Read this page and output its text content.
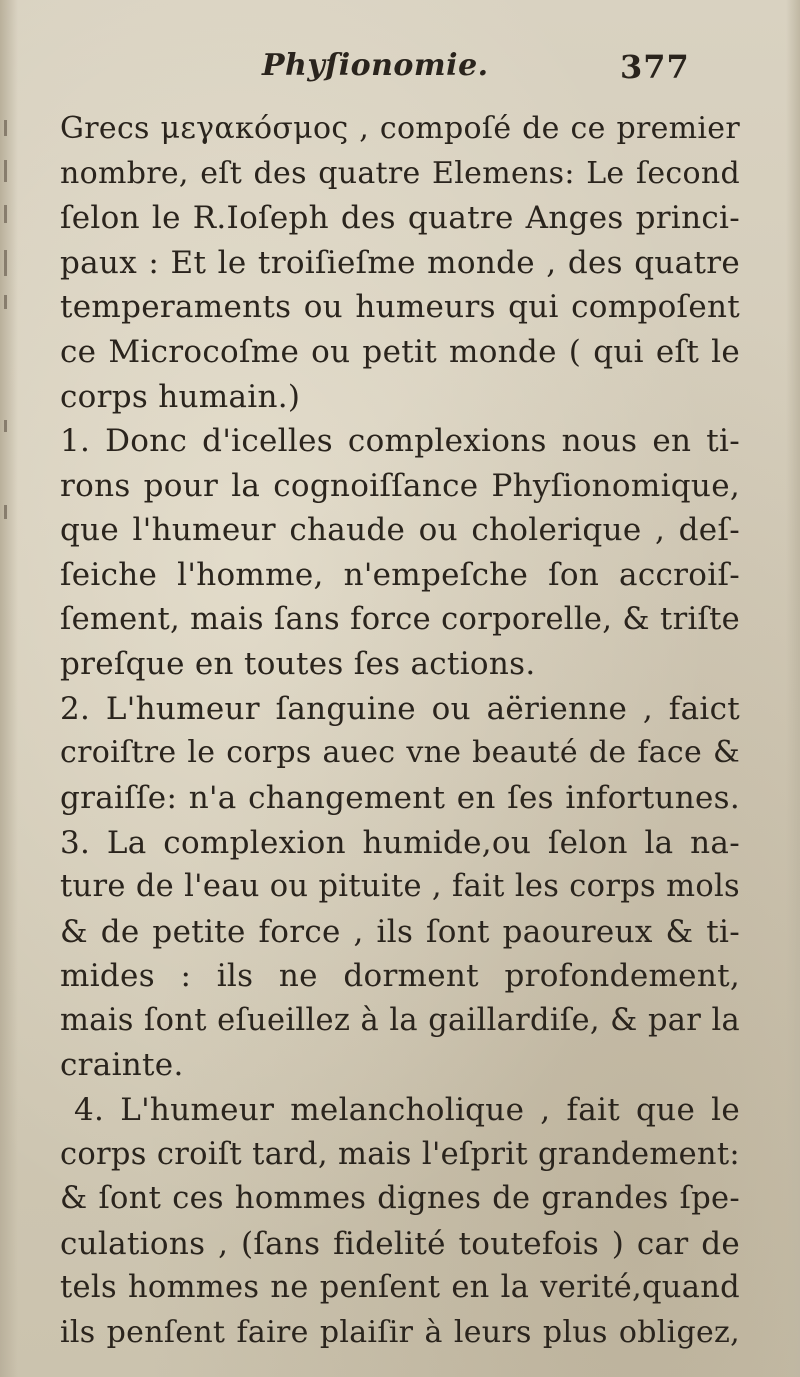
Phyſionomie.	377
Grecs μεγακόσμος , compoſé de ce premier
nombre, eſt des quatre Elemens: Le ſecond
ſelon le R.Ioſeph des quatre Anges princi-
paux : Et le troiſieſme monde , des quatre
temperaments ou humeurs qui compoſent
ce Microcoſme ou petit monde ( qui eſt le
corps humain.)
1. Donc d'icelles complexions nous en ti-
rons pour la cognoiſſance Phyſionomique,
que l'humeur chaude ou cholerique , deſ-
ſeiche l'homme, n'empeſche ſon accroiſ-
ſement, mais ſans force corporelle, & triſte
preſque en toutes ſes actions.
2. L'humeur ſanguine ou aërienne , faict
croiſtre le corps auec vne beauté de face &
graiſſe: n'a changement en ſes infortunes.
3. La complexion humide,ou ſelon la na-
ture de l'eau ou pituite , fait les corps mols
& de petite force , ils ſont paoureux & ti-
mides : ils ne dorment profondement,
mais ſont eſueillez à la gaillardiſe, & par la
crainte.
4. L'humeur melancholique , fait que le
corps croiſt tard, mais l'eſprit grandement:
& ſont ces hommes dignes de grandes ſpe-
culations , (ſans fidelité toutefois ) car de
tels hommes ne penſent en la verité,quand
ils penſent faire plaiſir à leurs plus obligez,
